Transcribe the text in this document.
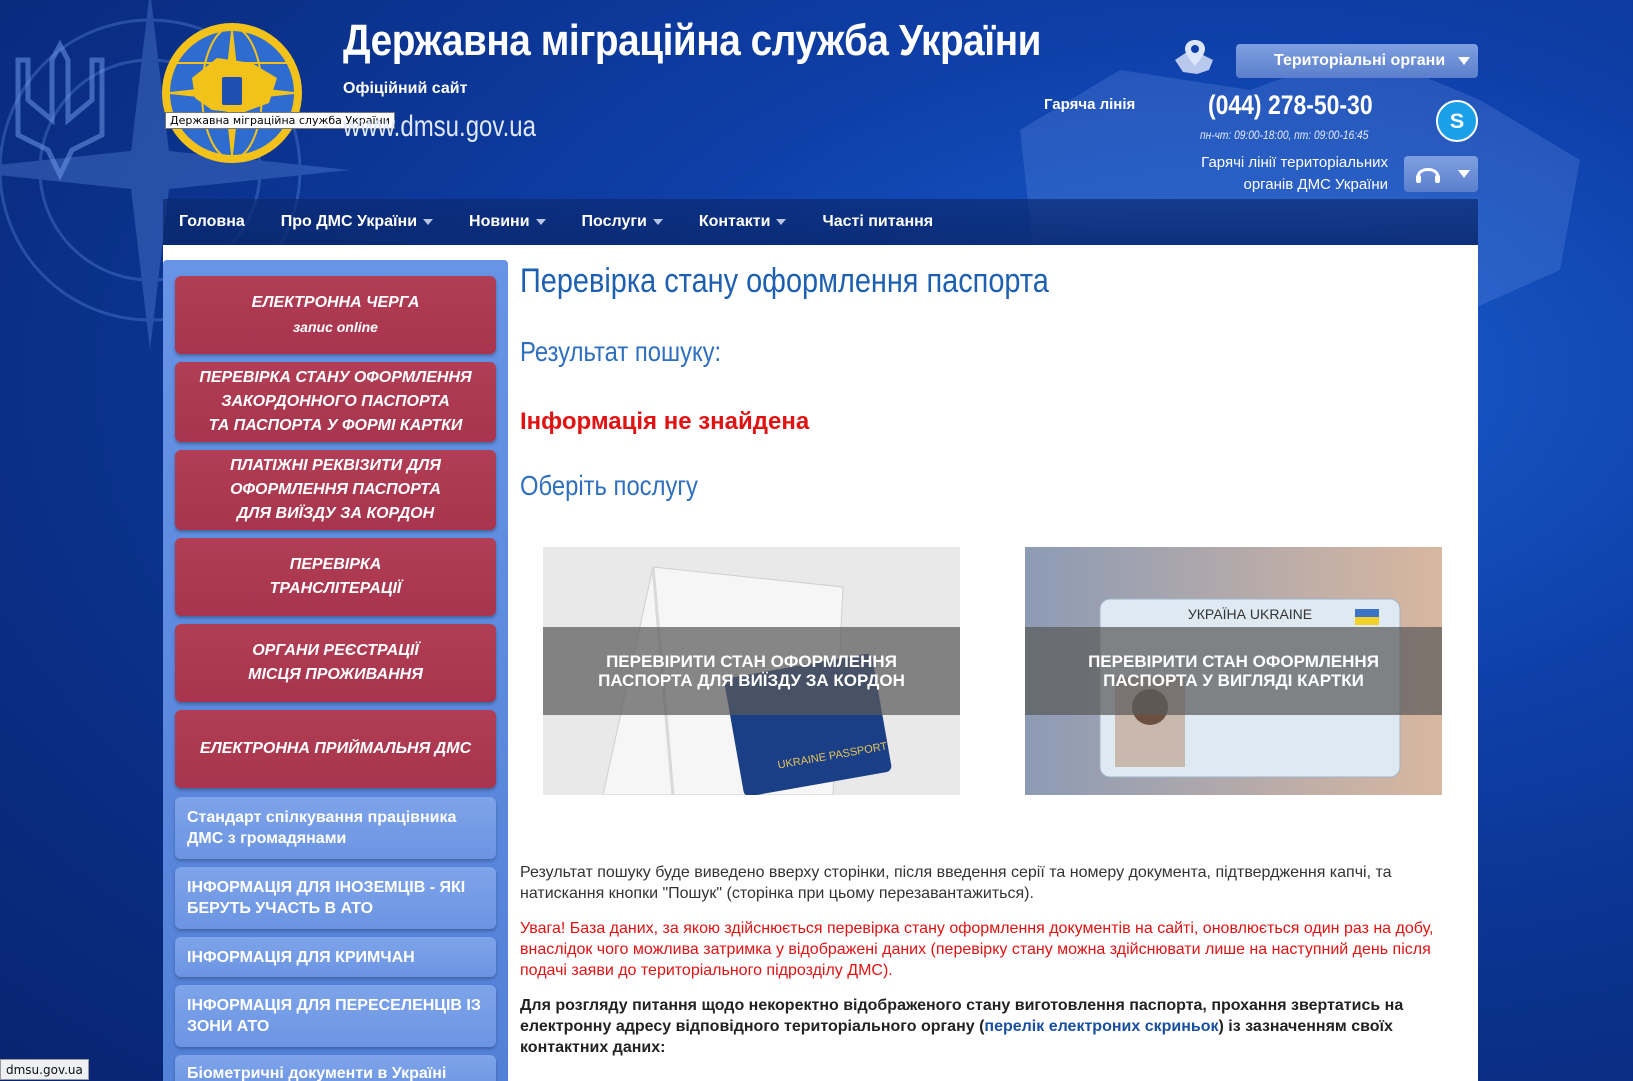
Державна міграційна служба України
Державна міграційна служба України
Офіційний сайт
www.dmsu.gov.ua
Територіальні органи
Гаряча лінія	(044) 278-50-30
пн-чт: 09:00-18:00, пт: 09:00-16:45
S
Гарячі лінії територіальних органів ДМС України
Головна Про ДМС України	Новини	Послуги	Контакти	Часті питання
ЕЛЕКТРОННА ЧЕРГА
запис online
ПЕРЕВІРКА СТАНУ ОФОРМЛЕННЯ
ЗАКОРДОННОГО ПАСПОРТА
ТА ПАСПОРТА У ФОРМІ КАРТКИ
ПЛАТІЖНІ РЕКВІЗИТИ ДЛЯ
ОФОРМЛЕННЯ ПАСПОРТА
ДЛЯ ВИЇЗДУ ЗА КОРДОН
ПЕРЕВІРКА
ТРАНСЛІТЕРАЦІЇ
ОРГАНИ РЕЄСТРАЦІЇ
МІСЦЯ ПРОЖИВАННЯ
ЕЛЕКТРОННА ПРИЙМАЛЬНЯ ДМС
Стандарт спілкування працівника ДМС з громадянами
ІНФОРМАЦІЯ ДЛЯ ІНОЗЕМЦІВ - ЯКІ БЕРУТЬ УЧАСТЬ В АТО
ІНФОРМАЦІЯ ДЛЯ КРИМЧАН
ІНФОРМАЦІЯ ДЛЯ ПЕРЕСЕЛЕНЦІВ ІЗ ЗОНИ АТО
Біометричні документи в Україні
Перевірка стану оформлення паспорта
Результат пошуку:
Інформація не знайдена
Оберіть послугу
UKRAINE PASSPORT
ПЕРЕВІРИТИ СТАН ОФОРМЛЕННЯ ПАСПОРТА ДЛЯ ВИЇЗДУ ЗА КОРДОН
УКРАЇНА UKRAINE
ПЕРЕВІРИТИ СТАН ОФОРМЛЕННЯ ПАСПОРТА У ВИГЛЯДІ КАРТКИ
Результат пошуку буде виведено вверху сторінки, після введення серії та номеру документа, підтвердження капчі, та натискання кнопки "Пошук" (сторінка при цьому перезавантажиться).
Увага! База даних, за якою здійснюється перевірка стану оформлення документів на сайті, оновлюється один раз на добу, внаслідок чого можлива затримка у відображені даних (перевірку стану можна здійснювати лише на наступний день після подачі заяви до територіального підрозділу ДМС).
Для розгляду питання щодо некоректно відображеного стану виготовлення паспорта, прохання звертатись на електронну адресу відповідного територіального органу (перелік електроних скриньок) із зазначенням своїх контактних даних:
dmsu.gov.ua
